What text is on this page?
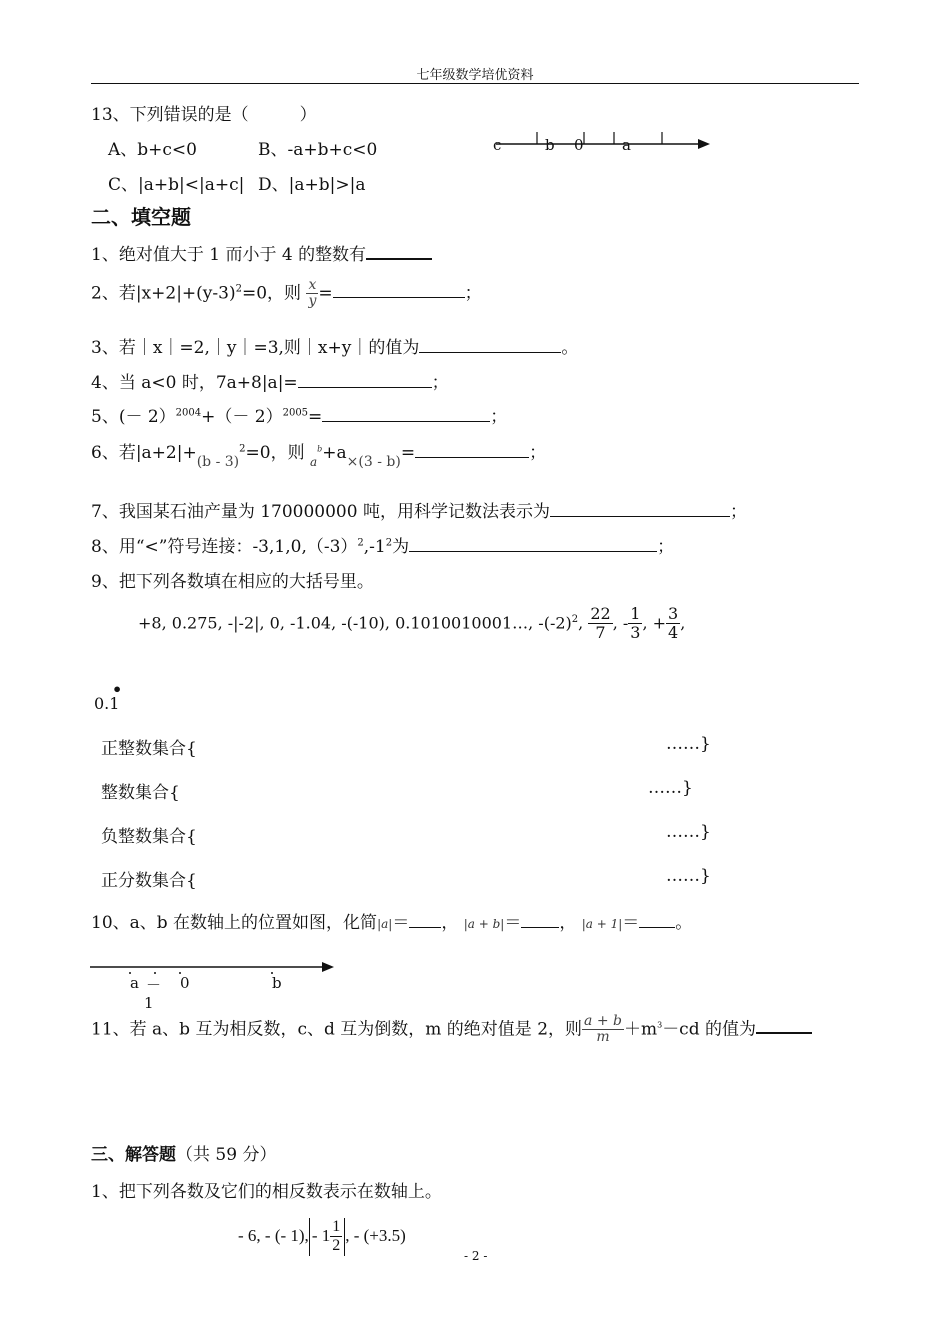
七年级数学培优资料
13、下列错误的是（　　　）
A、b+c<0	B、-a+b+c<0
C、|a+b|<|a+c| D、|a+b|>|a
c	b 0	a
二、填空题
1、绝对值大于 1 而小于 4 的整数有
2、若$|x+2|+(y-3)^2=0$，则 $\frac{x}{y}$ =	；
3、若｜x｜=2,｜y｜=3,则｜x+y｜的值为	。
4、当 a<0 时，7a+8|a|=	；
5、(－ $2)^{2004}+(- 2)^{2005}=$	；
6、若$|a+2|+_{(b - 3)}^2=0$，则 $_a^b+a_{\times(3 - b)}=$	；
7、我国某石油产量为 170000000 吨，用科学记数法表示为	；
8、用“<”符号连接：$-3,1,0,(-3)^2,-1^2$为	；
9、把下列各数填在相应的大括号里。
+8, 0.275, -|-2|, 0, -1.04, -(-10), 0.1010010001…, $-(-2)^2$, $\frac{22}{7}$ , - $\frac{1}{3}$ , + $\frac{3}{4}$ ,
•
0.1
正整数集合{	……}
整数集合{	……}
负整数集合{	……}
正分数集合{	……}
10、a、b 在数轴上的位置如图，化简|a|＝ ， |a + b|＝ ， |a + 1|＝ 。
a －
1
0	b
11、若 a、b 互为相反数，c、d 互为倒数，m 的绝对值是 2，则 $\frac{a + b}{m} +m^3-cd$ 的值为
三、解答题（共 59 分）
1、把下列各数及它们的相反数表示在数轴上。
- 6, - (- 1), - $1 \frac{1}{2}$ , - (+3.5)
- 2 -
